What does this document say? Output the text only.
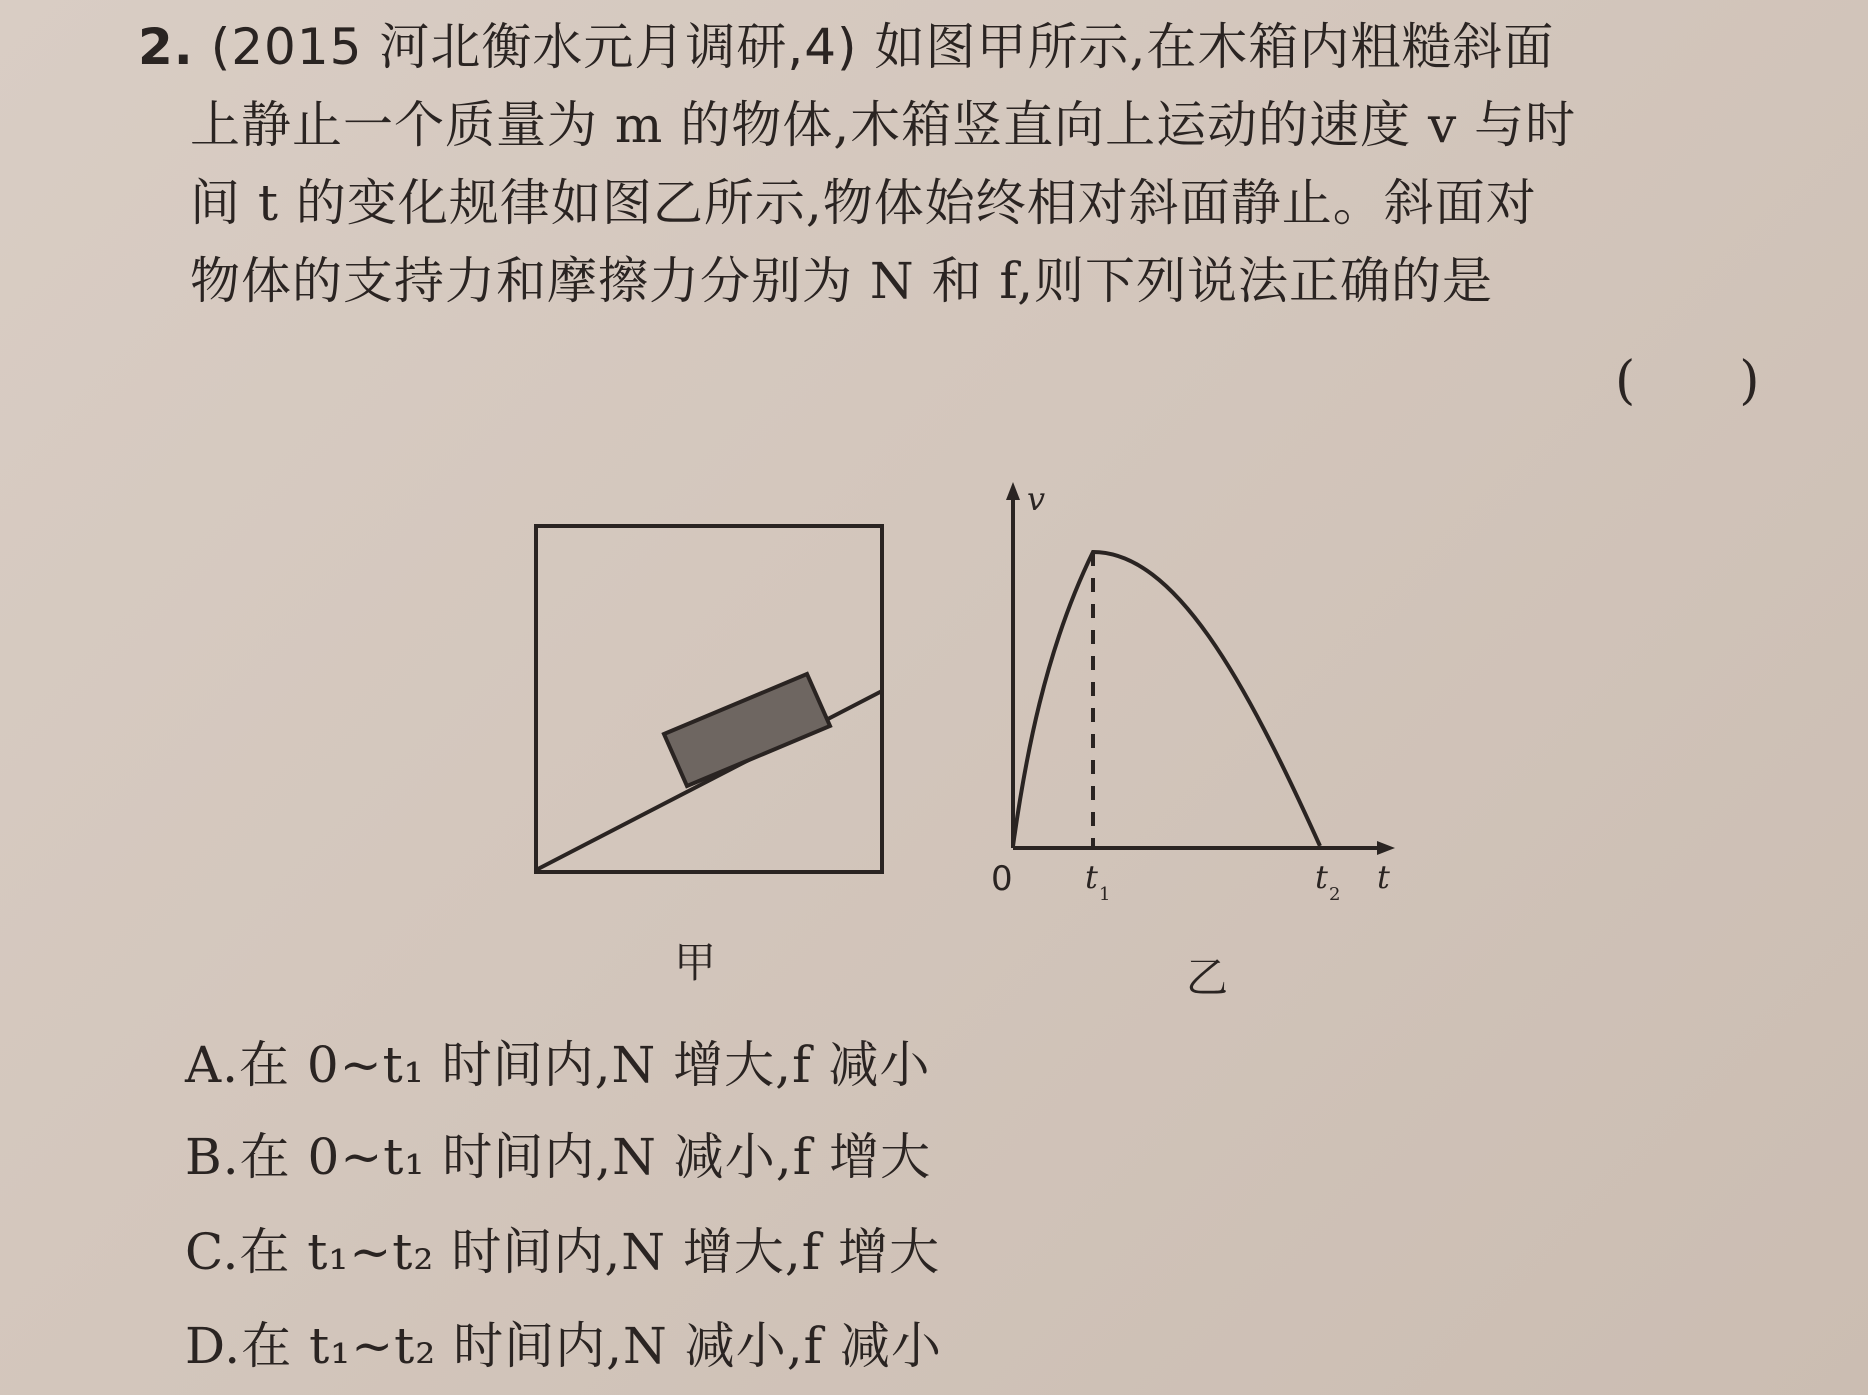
2. (2015 河北衡水元月调研,4) 如图甲所示,在木箱内粗糙斜面
上静止一个质量为 m 的物体,木箱竖直向上运动的速度 v 与时
间 t 的变化规律如图乙所示,物体始终相对斜面静止。斜面对
物体的支持力和摩擦力分别为 N 和 f,则下列说法正确的是
(　　)
甲
v
0 t 1	t 2 t
乙
A.在 0~t₁ 时间内,N 增大,f 减小
B.在 0~t₁ 时间内,N 减小,f 增大
C.在 t₁~t₂ 时间内,N 增大,f 增大
D.在 t₁~t₂ 时间内,N 减小,f 减小
